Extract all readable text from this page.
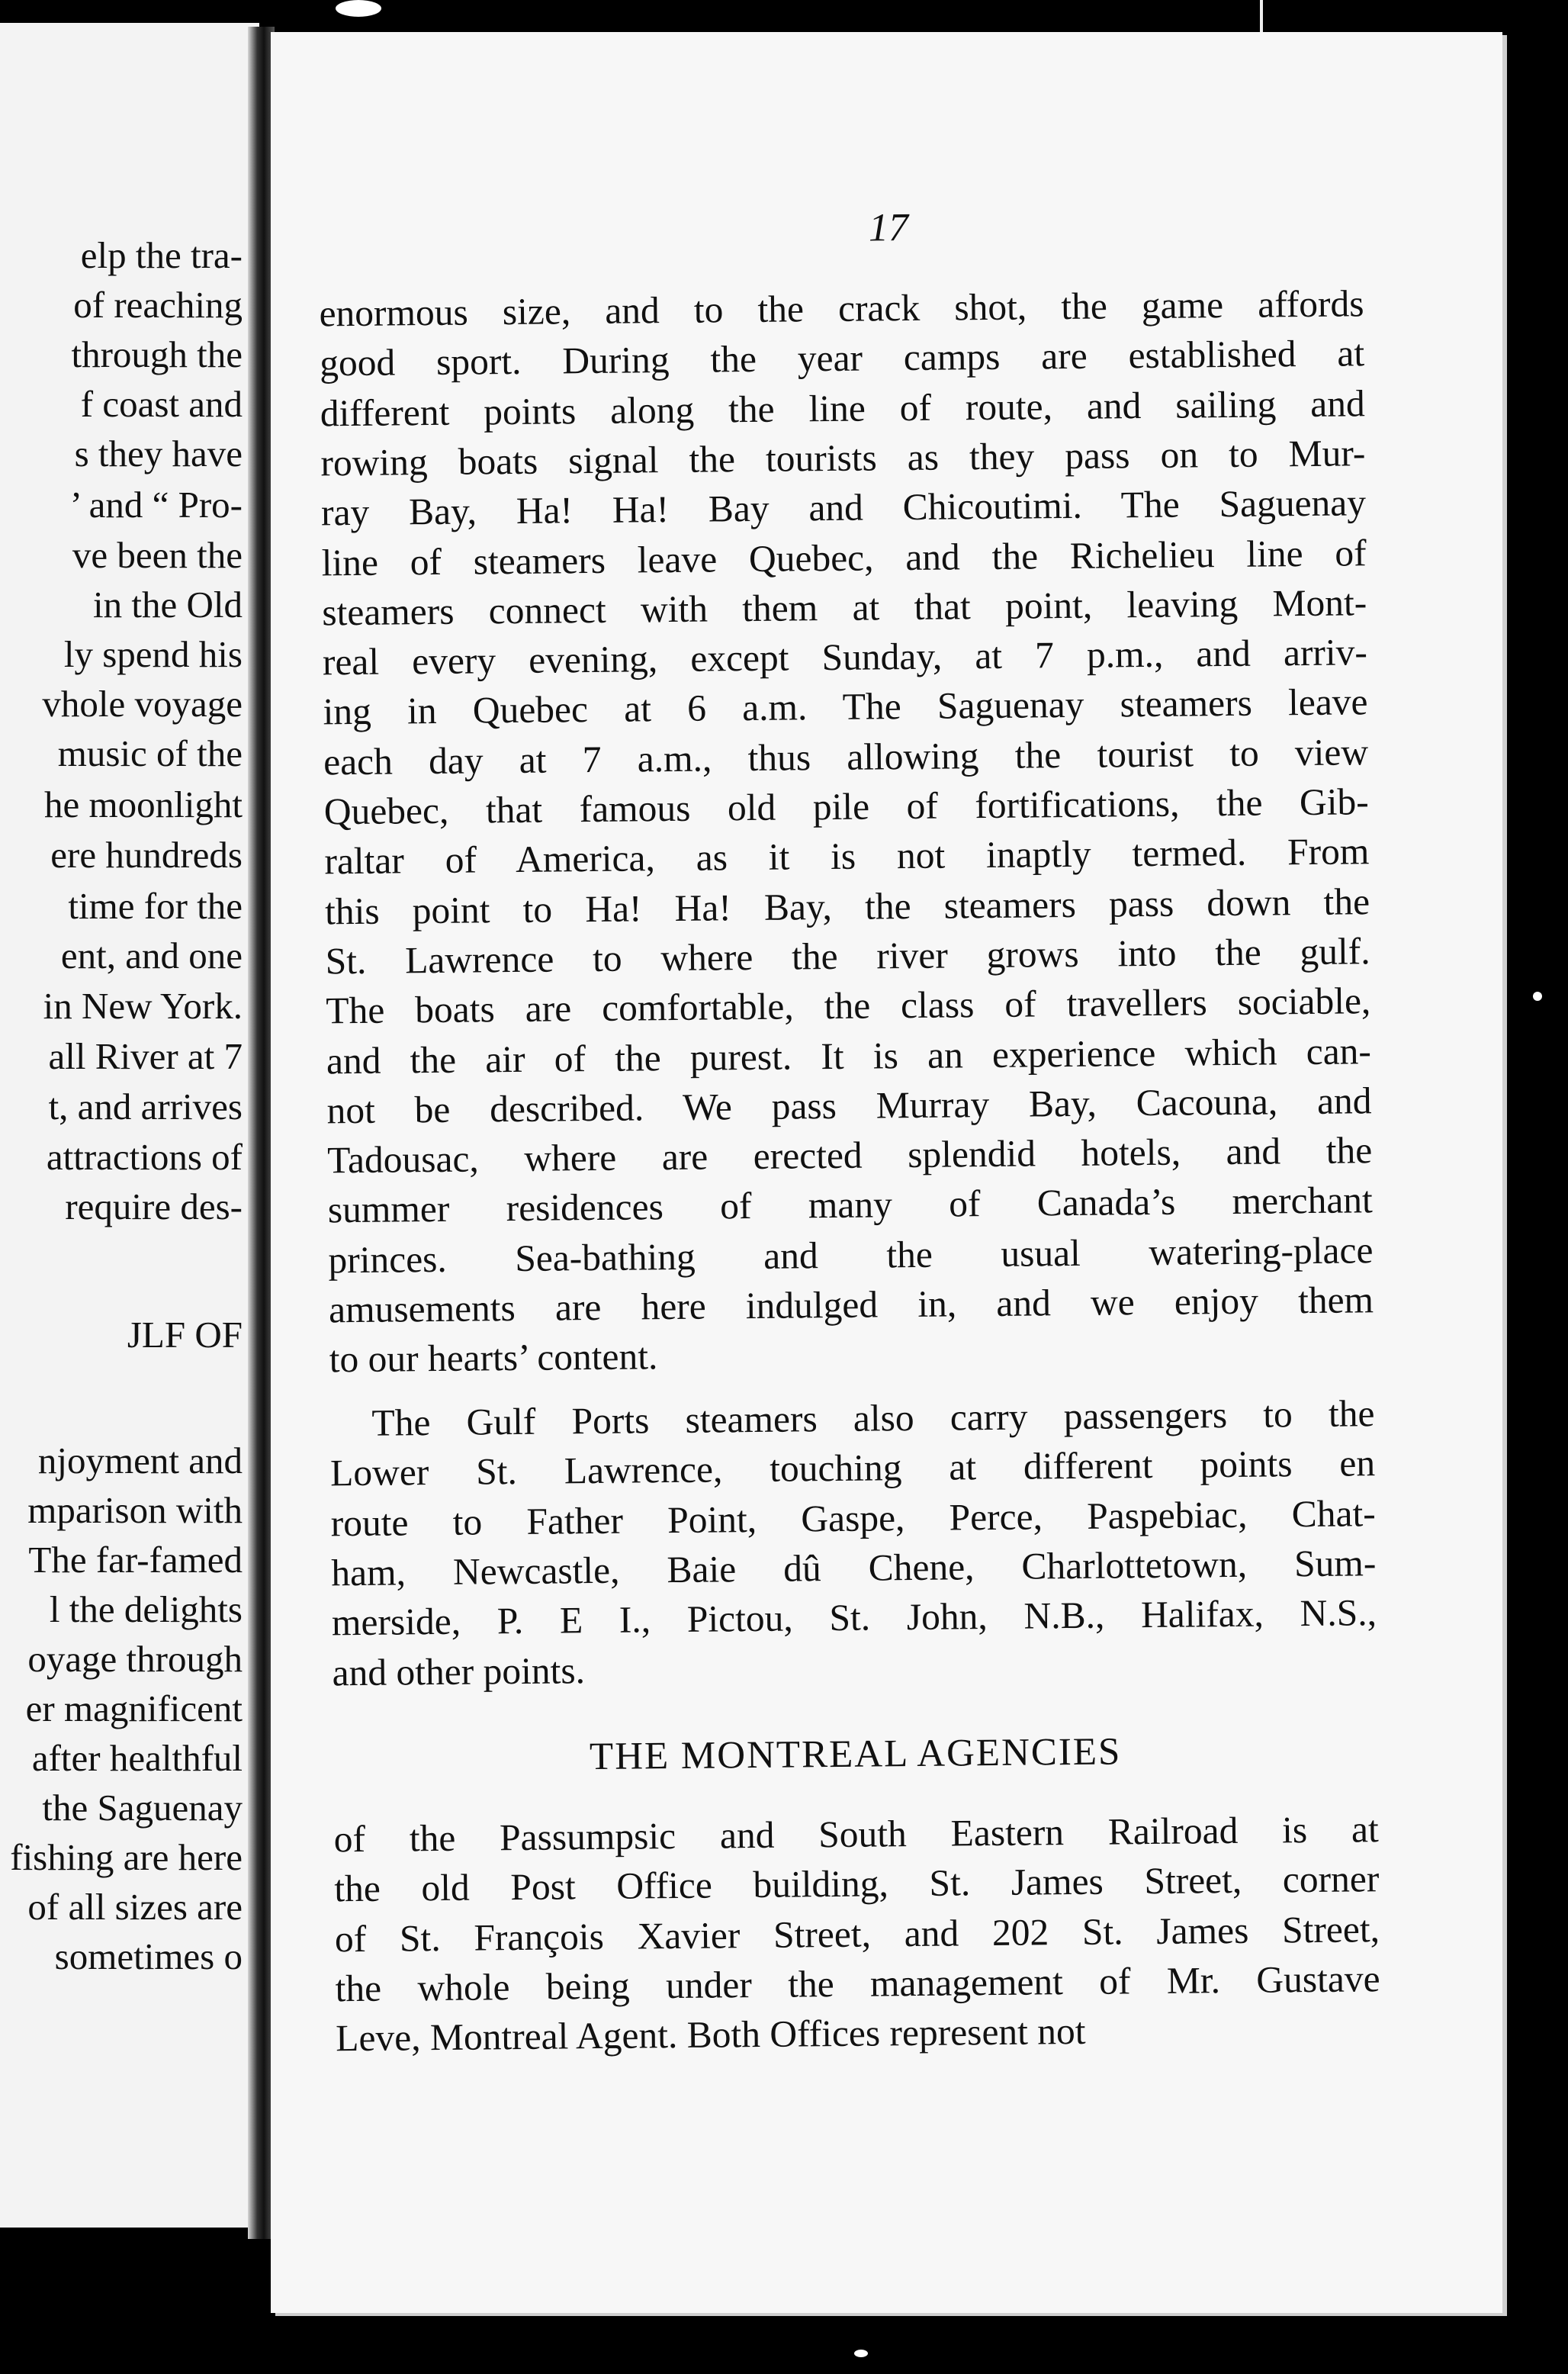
elp the tra-
of reaching
through the
f coast and
s they have
’ and “ Pro-
ve been the
in the Old
ly spend his
vhole voyage
music of the
he moonlight
ere hundreds
time for the
ent, and one
in New York.
all River at 7
t, and arrives
attractions of
require des-
JLF OF
njoyment and
mparison with
The far-famed
l the delights
oyage through
er magnificent
after healthful
the Saguenay
fishing are here
of all sizes are
sometimes o
17
enormous size, and to the crack shot, the game affords
good sport. During the year camps are established at
different points along the line of route, and sailing and
rowing boats signal the tourists as they pass on to Mur-
ray Bay, Ha! Ha! Bay and Chicoutimi. The Saguenay
line of steamers leave Quebec, and the Richelieu line of
steamers connect with them at that point, leaving Mont-
real every evening, except Sunday, at 7 p.m., and arriv-
ing in Quebec at 6 a.m. The Saguenay steamers leave
each day at 7 a.m., thus allowing the tourist to view
Quebec, that famous old pile of fortifications, the Gib-
raltar of America, as it is not inaptly termed. From
this point to Ha! Ha! Bay, the steamers pass down the
St. Lawrence to where the river grows into the gulf.
The boats are comfortable, the class of travellers sociable,
and the air of the purest. It is an experience which can-
not be described. We pass Murray Bay, Cacouna, and
Tadousac, where are erected splendid hotels, and the
summer residences of many of Canada’s merchant
princes. Sea-bathing and the usual watering-place
amusements are here indulged in, and we enjoy them
to our hearts’ content.
The Gulf Ports steamers also carry passengers to the
Lower St. Lawrence, touching at different points en
route to Father Point, Gaspe, Perce, Paspebiac, Chat-
ham, Newcastle, Baie dû Chene, Charlottetown, Sum-
merside, P. E I., Pictou, St. John, N.B., Halifax, N.S.,
and other points.
THE MONTREAL AGENCIES
of the Passumpsic and South Eastern Railroad is at
the old Post Office building, St. James Street, corner
of St. François Xavier Street, and 202 St. James Street,
the whole being under the management of Mr. Gustave
Leve, Montreal Agent. Both Offices represent not
